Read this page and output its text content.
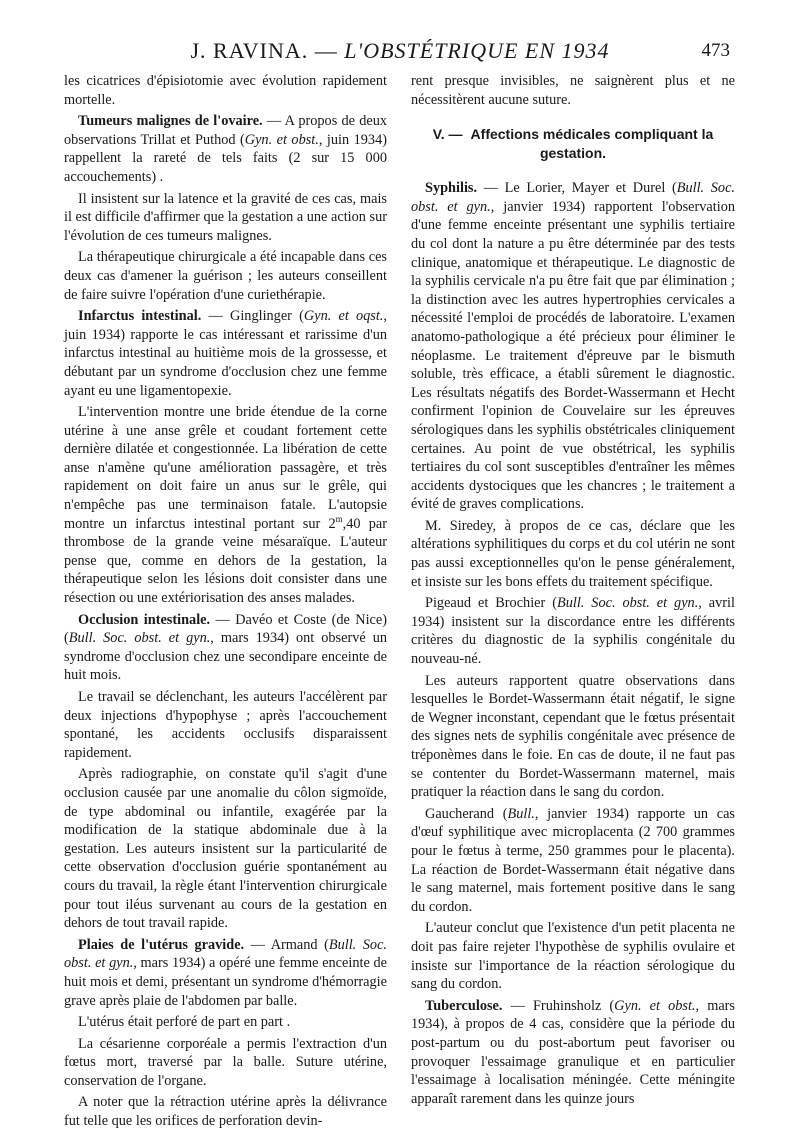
J. RAVINA. — L'OBSTÉTRIQUE EN 1934	473

les cicatrices d'épisiotomie avec évolution rapidement mortelle.

Tumeurs malignes de l'ovaire. — A propos de deux observations Trillat et Puthod (Gyn. et obst., juin 1934) rappellent la rareté de tels faits (2 sur 15 000 accouchements) .

Il insistent sur la latence et la gravité de ces cas, mais il est difficile d'affirmer que la gestation a une action sur l'évolution de ces tumeurs malignes.

La thérapeutique chirurgicale a été incapable dans ces deux cas d'amener la guérison ; les auteurs conseillent de faire suivre l'opération d'une curiethérapie.

Infarctus intestinal. — Ginglinger (Gyn. et oqst., juin 1934) rapporte le cas intéressant et rarissime d'un infarctus intestinal au huitième mois de la grossesse, et débutant par un syndrome d'occlusion chez une femme ayant eu une ligamentopexie.

L'intervention montre une bride étendue de la corne utérine à une anse grêle et coudant fortement cette dernière dilatée et congestionnée. La libération de cette anse n'amène qu'une amélioration passagère, et très rapidement on doit faire un anus sur le grêle, qui n'empêche pas une terminaison fatale. L'autopsie montre un infarctus intestinal portant sur 2$^m$,40 par thrombose de la grande veine mésaraïque. L'auteur pense que, comme en dehors de la gestation, la thérapeutique selon les lésions doit consister dans une résection ou une extériorisation des anses malades.

Occlusion intestinale. — Davéo et Coste (de Nice) (Bull. Soc. obst. et gyn., mars 1934) ont observé un syndrome d'occlusion chez une secondipare enceinte de huit mois.

Le travail se déclenchant, les auteurs l'accélèrent par deux injections d'hypophyse ; après l'accouchement spontané, les accidents occlusifs disparaissent rapidement.

Après radiographie, on constate qu'il s'agit d'une occlusion causée par une anomalie du côlon sigmoïde, de type abdominal ou infantile, exagérée par la modification de la statique abdominale due à la gestation. Les auteurs insistent sur la particularité de cette observation d'occlusion guérie spontanément au cours du travail, la règle étant l'intervention chirurgicale pour tout iléus survenant au cours de la gestation en dehors de tout travail rapide.

Plaies de l'utérus gravide. — Armand (Bull. Soc. obst. et gyn., mars 1934) a opéré une femme enceinte de huit mois et demi, présentant un syndrome d'hémorragie grave après plaie de l'abdomen par balle.

L'utérus était perforé de part en part .

La césarienne corporéale a permis l'extraction d'un fœtus mort, traversé par la balle. Suture utérine, conservation de l'organe.

A noter que la rétraction utérine après la délivrance fut telle que les orifices de perforation devin-

rent presque invisibles, ne saignèrent plus et ne nécessitèrent aucune suture.

V. — Affections médicales compliquant la gestation.

Syphilis. — Le Lorier, Mayer et Durel (Bull. Soc. obst. et gyn., janvier 1934) rapportent l'observation d'une femme enceinte présentant une syphilis tertiaire du col dont la nature a pu être déterminée par des tests clinique, anatomique et thérapeutique. Le diagnostic de la syphilis cervicale n'a pu être fait que par élimination ; la distinction avec les autres hypertrophies cervicales a nécessité l'emploi de procédés de laboratoire. L'examen anatomo-pathologique a été précieux pour éliminer le néoplasme. Le traitement d'épreuve par le bismuth soluble, très efficace, a établi sûrement le diagnostic. Les résultats négatifs des Bordet-Wassermann et Hecht confirment l'opinion de Couvelaire sur les épreuves sérologiques dans les syphilis obstétricales cliniquement certaines. Au point de vue obstétrical, les syphilis tertiaires du col sont susceptibles d'entraîner les mêmes accidents dystociques que les chancres ; le traitement a évité de graves complications.

M. Siredey, à propos de ce cas, déclare que les altérations syphilitiques du corps et du col utérin ne sont pas aussi exceptionnelles qu'on le pense généralement, et insiste sur les bons effets du traitement spécifique.

Pigeaud et Brochier (Bull. Soc. obst. et gyn., avril 1934) insistent sur la discordance entre les différents critères du diagnostic de la syphilis congénitale du nouveau-né.

Les auteurs rapportent quatre observations dans lesquelles le Bordet-Wassermann était négatif, le signe de Wegner inconstant, cependant que le fœtus présentait des signes nets de syphilis congénitale avec présence de tréponèmes dans le foie. En cas de doute, il ne faut pas se contenter du Bordet-Wassermann maternel, mais pratiquer la réaction dans le sang du cordon.

Gaucherand (Bull., janvier 1934) rapporte un cas d'œuf syphilitique avec microplacenta (2 700 grammes pour le fœtus à terme, 250 grammes pour le placenta). La réaction de Bordet-Wassermann était négative dans le sang maternel, mais fortement positive dans le sang du cordon.

L'auteur conclut que l'existence d'un petit placenta ne doit pas faire rejeter l'hypothèse de syphilis ovulaire et insiste sur l'importance de la réaction sérologique du sang du cordon.

Tuberculose. — Fruhinsholz (Gyn. et obst., mars 1934), à propos de 4 cas, considère que la période du post-partum ou du post-abortum peut favoriser ou provoquer l'essaimage granulique et en particulier l'essaimage à localisation méningée. Cette méningite apparaît rarement dans les quinze jours
